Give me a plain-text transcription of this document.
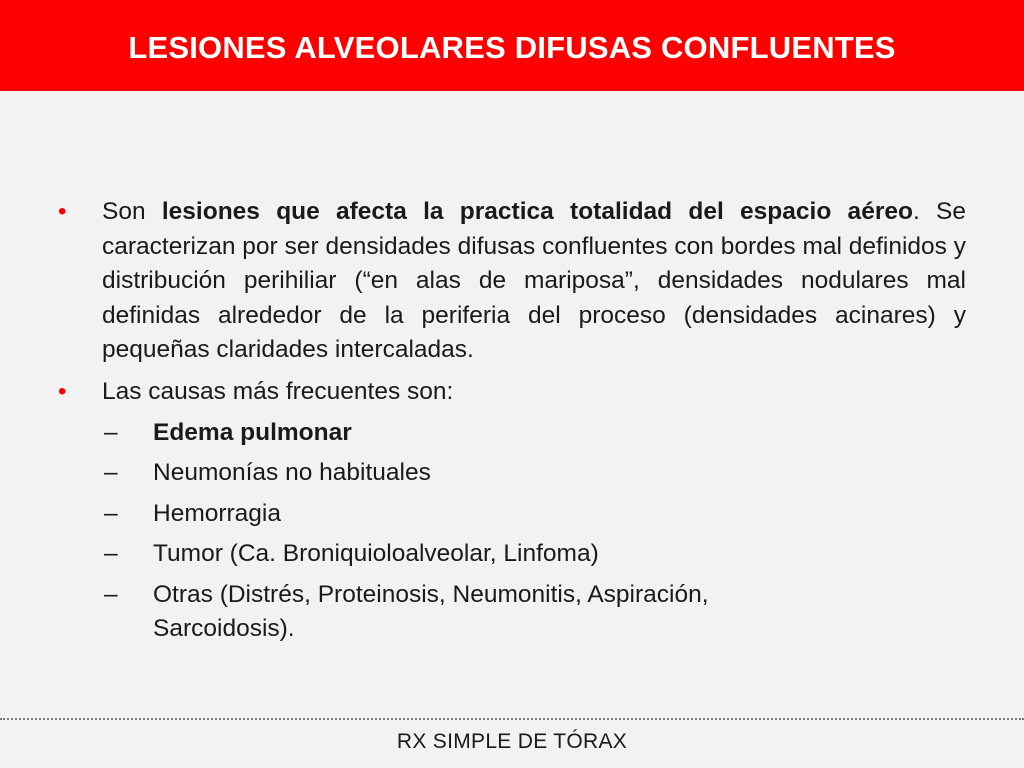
LESIONES ALVEOLARES DIFUSAS CONFLUENTES
• Son lesiones que afecta la practica totalidad del espacio aéreo. Se caracterizan por ser densidades difusas confluentes con bordes mal definidos y distribución perihiliar (“en alas de mariposa”, densidades nodulares mal definidas alrededor de la periferia del proceso (densidades acinares) y pequeñas claridades intercaladas.
• Las causas más frecuentes son:
– Edema pulmonar
– Neumonías no habituales
– Hemorragia
– Tumor (Ca. Broniquioloalveolar, Linfoma)
– Otras (Distrés, Proteinosis, Neumonitis, Aspiración,
Sarcoidosis).
RX SIMPLE DE TÓRAX
